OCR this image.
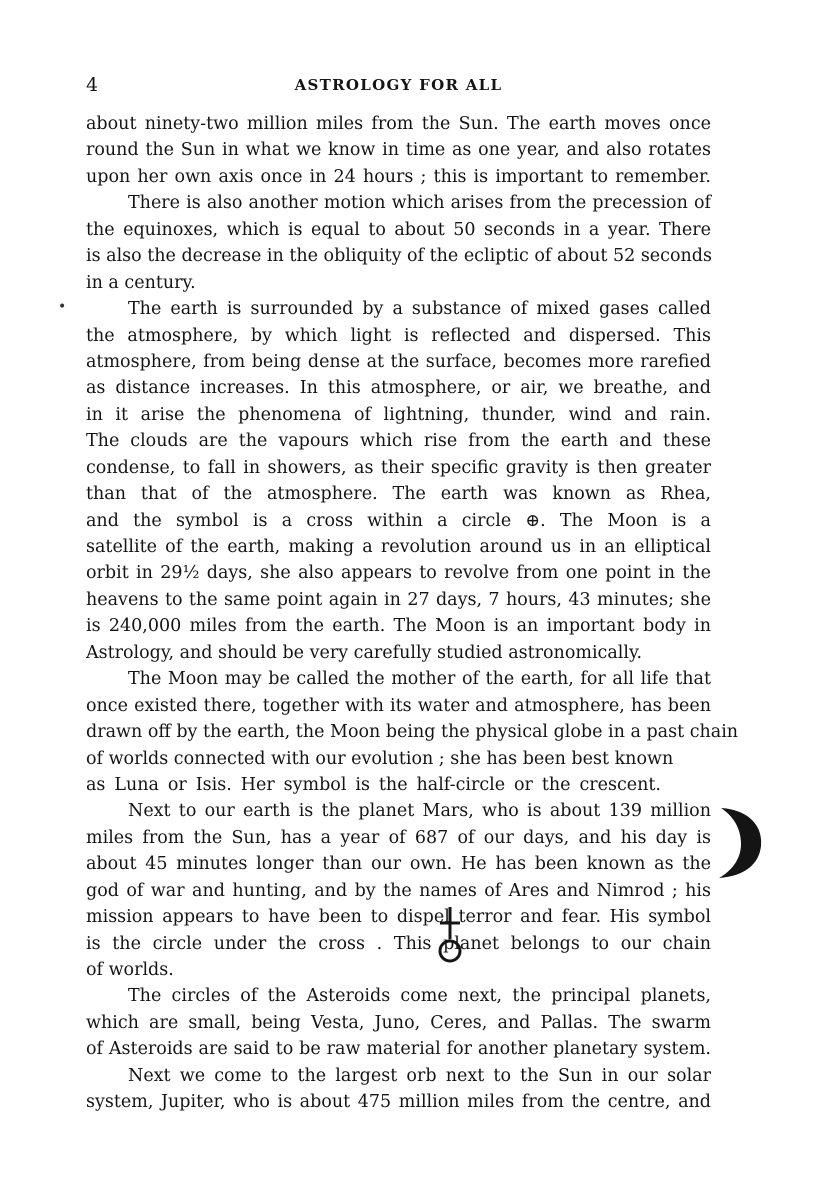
4	ASTROLOGY FOR ALL
•
about ninety-two million miles from the Sun. The earth moves once
round the Sun in what we know in time as one year, and also rotates
upon her own axis once in 24 hours ; this is important to remember.
There is also another motion which arises from the precession of
the equinoxes, which is equal to about 50 seconds in a year. There
is also the decrease in the obliquity of the ecliptic of about 52 seconds
in a century.
The earth is surrounded by a substance of mixed gases called
the atmosphere, by which light is reflected and dispersed. This
atmosphere, from being dense at the surface, becomes more rarefied
as distance increases. In this atmosphere, or air, we breathe, and
in it arise the phenomena of lightning, thunder, wind and rain.
The clouds are the vapours which rise from the earth and these
condense, to fall in showers, as their specific gravity is then greater
than that of the atmosphere. The earth was known as Rhea,
and the symbol is a cross within a circle ⊕. The Moon is a
satellite of the earth, making a revolution around us in an elliptical
orbit in 29½ days, she also appears to revolve from one point in the
heavens to the same point again in 27 days, 7 hours, 43 minutes; she
is 240,000 miles from the earth. The Moon is an important body in
Astrology, and should be very carefully studied astronomically.
The Moon may be called the mother of the earth, for all life that
once existed there, together with its water and atmosphere, has been
drawn off by the earth, the Moon being the physical globe in a past chain
of worlds connected with our evolution ; she has been best known
as Luna or Isis. Her symbol is the half-circle or the crescent.
Next to our earth is the planet Mars, who is about 139 million
miles from the Sun, has a year of 687 of our days, and his day is
about 45 minutes longer than our own. He has been known as the
god of war and hunting, and by the names of Ares and Nimrod ; his
mission appears to have been to dispel terror and fear. His symbol
is the circle under the cross . This planet belongs to our chain
of worlds.
The circles of the Asteroids come next, the principal planets,
which are small, being Vesta, Juno, Ceres, and Pallas. The swarm
of Asteroids are said to be raw material for another planetary system.
Next we come to the largest orb next to the Sun in our solar
system, Jupiter, who is about 475 million miles from the centre, and
